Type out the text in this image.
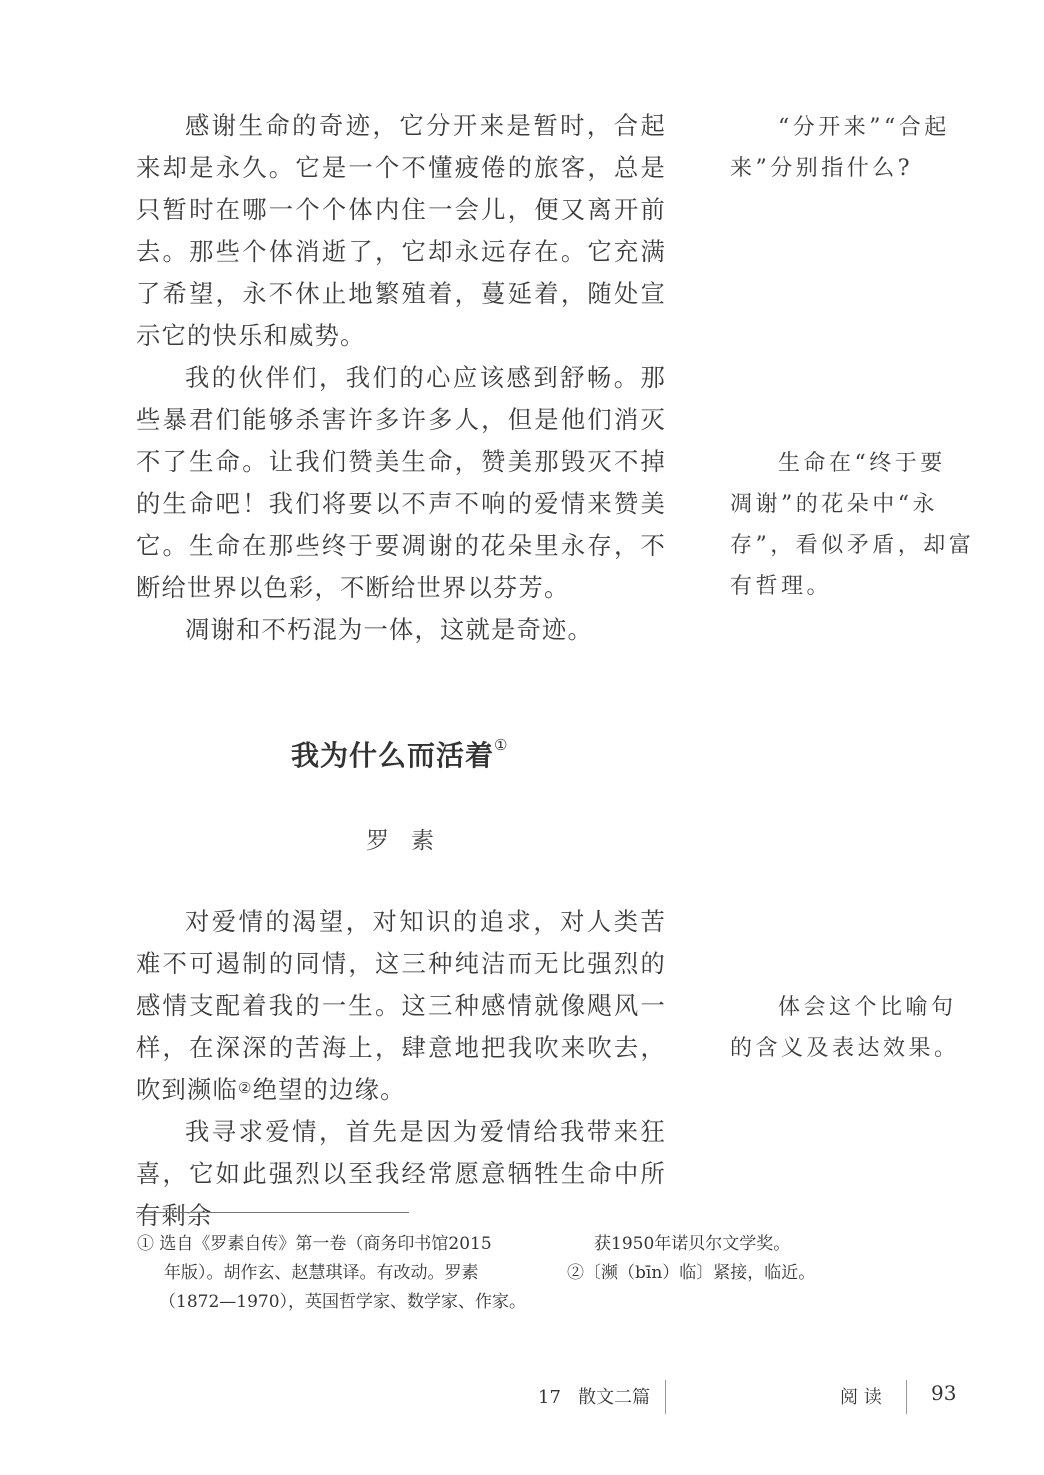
感谢生命的奇迹，它分开来是暂时，合起来却是永久。它是一个不懂疲倦的旅客，总是只暂时在哪一个个体内住一会儿，便又离开前去。那些个体消逝了，它却永远存在。它充满了希望，永不休止地繁殖着，蔓延着，随处宣示它的快乐和威势。

我的伙伴们，我们的心应该感到舒畅。那些暴君们能够杀害许多许多人，但是他们消灭不了生命。让我们赞美生命，赞美那毁灭不掉的生命吧！我们将要以不声不响的爱情来赞美它。生命在那些终于要凋谢的花朵里永存，不断给世界以色彩，不断给世界以芬芳。

凋谢和不朽混为一体，这就是奇迹。

“分开来”“合起
来”分别指什么?
生命在“终于要
凋谢”的花朵中“永
存”，看似矛盾，却富
有哲理。
体会这个比喻句
的含义及表达效果。
我为什么而活着①
罗素

对爱情的渴望，对知识的追求，对人类苦难不可遏制的同情，这三种纯洁而无比强烈的感情支配着我的一生。这三种感情就像飓风一样，在深深的苦海上，肆意地把我吹来吹去，吹到濒临②绝望的边缘。

我寻求爱情，首先是因为爱情给我带来狂喜，它如此强烈以至我经常愿意牺牲生命中所有剩余

① 选自《罗素自传》第一卷（商务印书馆2015
年版）。胡作玄、赵慧琪译。有改动。罗素
（1872—1970），英国哲学家、数学家、作家。
获1950年诺贝尔文学奖。
②〔濒（bīn）临〕紧接，临近。
17 散文二篇	阅 读 93
